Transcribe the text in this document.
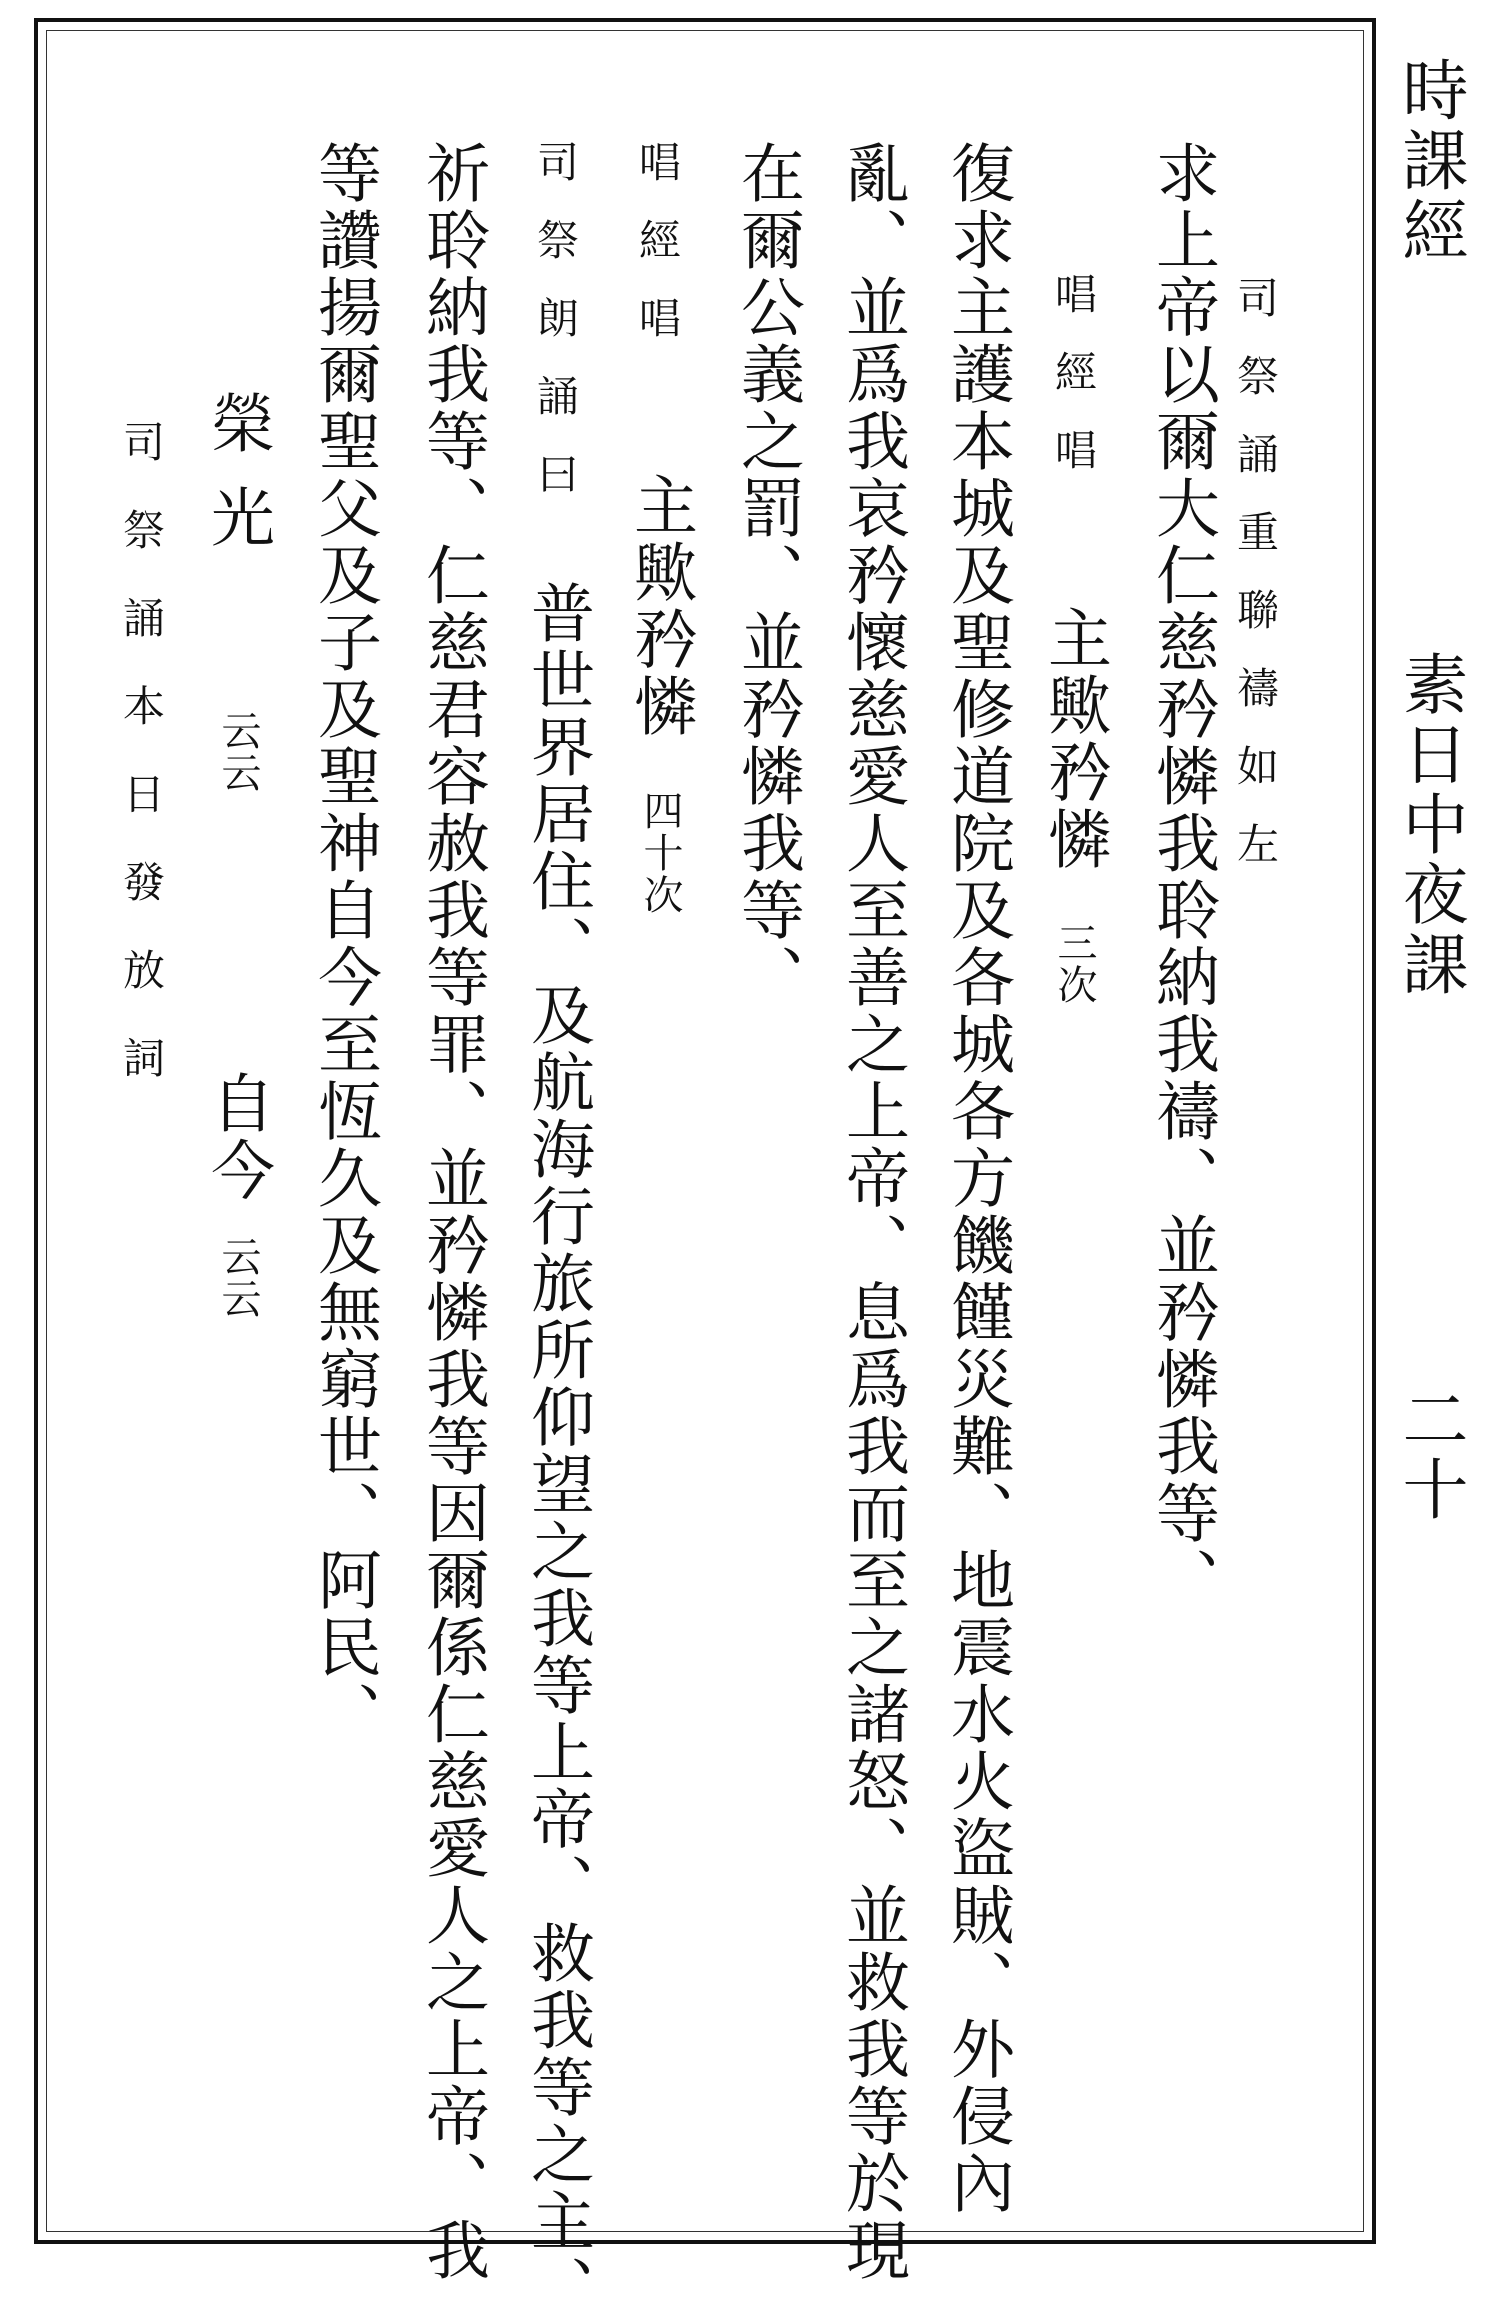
時課經
素日中夜課
二十
司祭誦重聯禱如左
求上帝以爾大仁慈矜憐我聆納我禱、並矜憐我等、
唱經唱
主歟矜憐
三次
復求主護本城及聖修道院及各城各方饑饉災難、地震水火盜賊、外侵內
亂、並爲我哀矜懷慈愛人至善之上帝、息爲我而至之諸怒、並救我等於現
在爾公義之罰、並矜憐我等、
唱經唱
主歟矜憐
四十次
司祭朗誦曰
普世界居住、及航海行旅所仰望之我等上帝、救我等之主、
祈聆納我等、仁慈君容赦我等罪、並矜憐我等因爾係仁慈愛人之上帝、我
等讚揚爾聖父及子及聖神自今至恆久及無窮世、阿民、
榮光
云云
自今
云云
司祭誦本日發放詞
